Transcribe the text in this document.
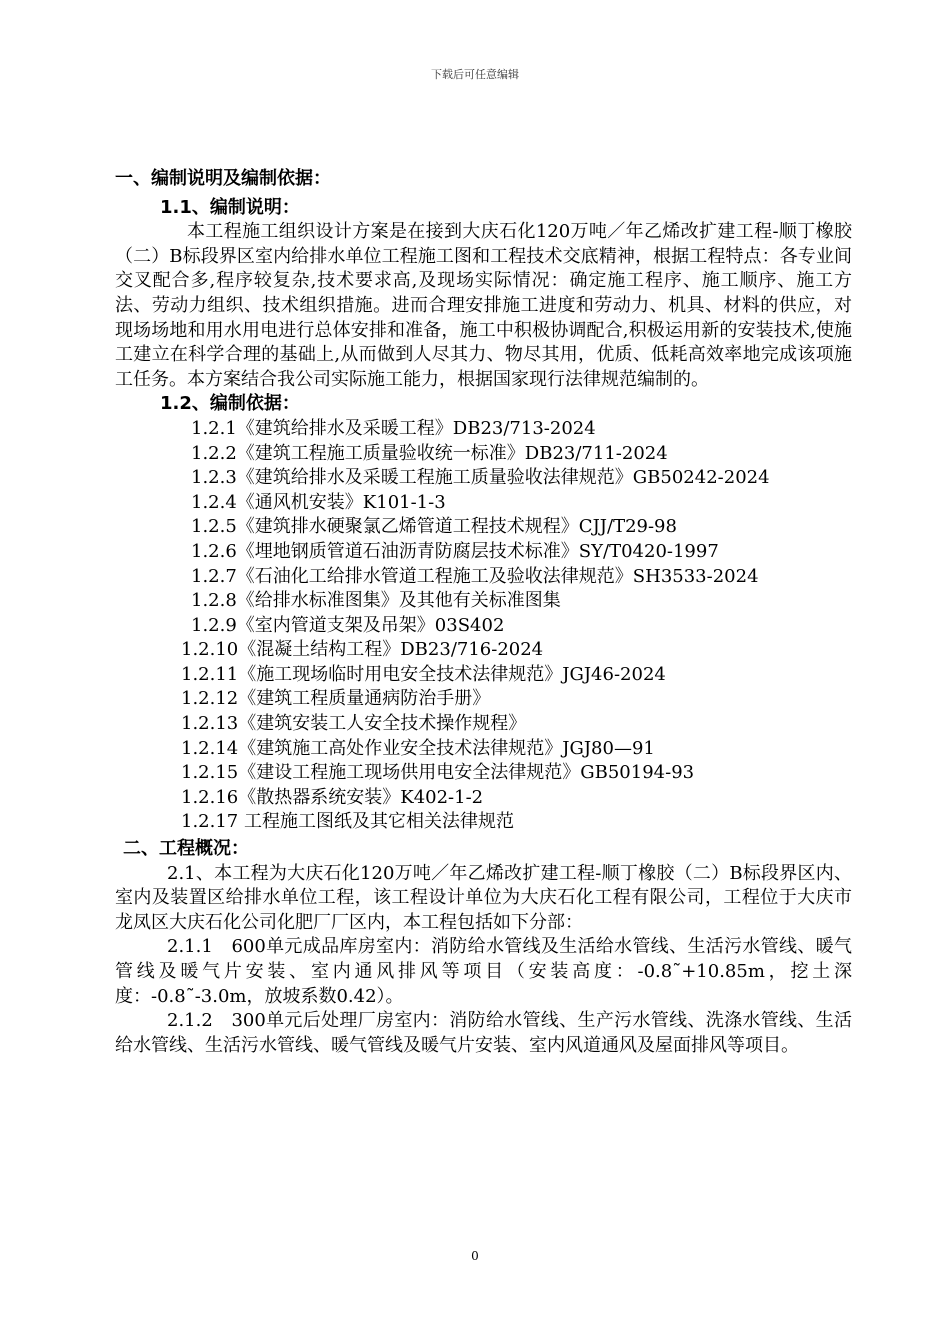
下载后可任意编辑
一、编制说明及编制依据：
1.1、编制说明：
本工程施工组织设计方案是在接到大庆石化120万吨／年乙烯改扩建工程-顺丁橡胶（二）B标段界区室内给排水单位工程施工图和工程技术交底精神，根据工程特点：各专业间交叉配合多,程序较复杂,技术要求高,及现场实际情况：确定施工程序、施工顺序、施工方法、劳动力组织、技术组织措施。进而合理安排施工进度和劳动力、机具、材料的供应，对现场场地和用水用电进行总体安排和准备，施工中积极协调配合,积极运用新的安装技术,使施工建立在科学合理的基础上,从而做到人尽其力、物尽其用，优质、低耗高效率地完成该项施工任务。本方案结合我公司实际施工能力，根据国家现行法律规范编制的。
1.2、编制依据：
1.2.1《建筑给排水及采暖工程》DB23/713-2024
1.2.2《建筑工程施工质量验收统一标准》DB23/711-2024
1.2.3《建筑给排水及采暖工程施工质量验收法律规范》GB50242-2024
1.2.4《通风机安装》K101-1-3
1.2.5《建筑排水硬聚氯乙烯管道工程技术规程》CJJ/T29-98
1.2.6《埋地钢质管道石油沥青防腐层技术标准》SY/T0420-1997
1.2.7《石油化工给排水管道工程施工及验收法律规范》SH3533-2024
1.2.8《给排水标准图集》及其他有关标准图集
1.2.9《室内管道支架及吊架》03S402
1.2.10《混凝土结构工程》DB23/716-2024
1.2.11《施工现场临时用电安全技术法律规范》JGJ46-2024
1.2.12《建筑工程质量通病防治手册》
1.2.13《建筑安装工人安全技术操作规程》
1.2.14《建筑施工高处作业安全技术法律规范》JGJ80—91
1.2.15《建设工程施工现场供用电安全法律规范》GB50194-93
1.2.16《散热器系统安装》K402-1-2
1.2.17 工程施工图纸及其它相关法律规范
二、工程概况：
2.1、本工程为大庆石化120万吨／年乙烯改扩建工程-顺丁橡胶（二）B标段界区内、室内及装置区给排水单位工程，该工程设计单位为大庆石化工程有限公司，工程位于大庆市龙凤区大庆石化公司化肥厂厂区内，本工程包括如下分部：
2.1.1　600单元成品库房室内：消防给水管线及生活给水管线、生活污水管线、暖气管线及暖气片安装、室内通风排风等项目（安装高度：-0.8˜+10.85m，挖土深度：-0.8˜-3.0m，放坡系数0.42）。
2.1.2　300单元后处理厂房室内：消防给水管线、生产污水管线、洗涤水管线、生活给水管线、生活污水管线、暖气管线及暖气片安装、室内风道通风及屋面排风等项目。
0
